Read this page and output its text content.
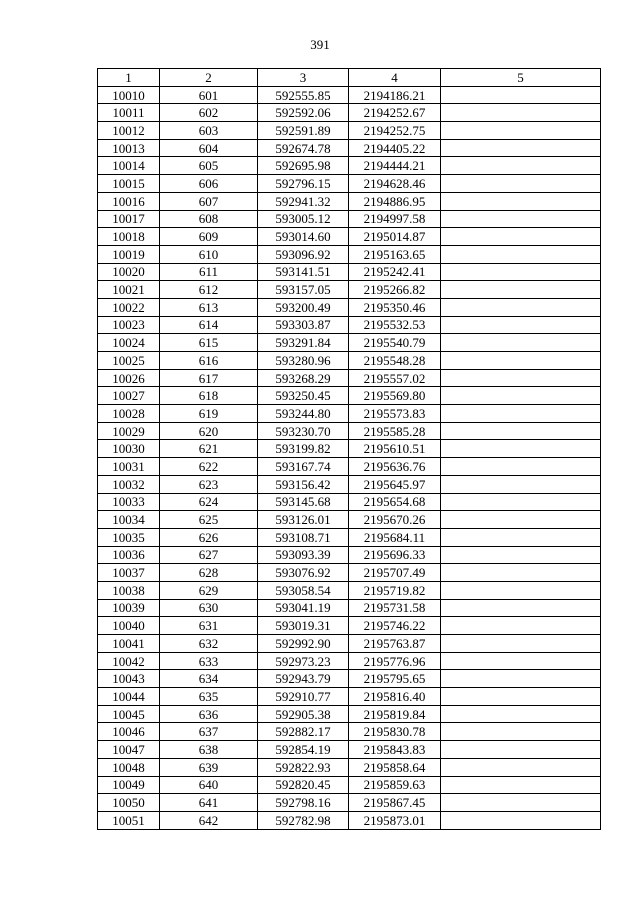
391
1	2	3	4	5
10010	601	592555.85	2194186.21	
10011	602	592592.06	2194252.67	
10012	603	592591.89	2194252.75	
10013	604	592674.78	2194405.22	
10014	605	592695.98	2194444.21	
10015	606	592796.15	2194628.46	
10016	607	592941.32	2194886.95	
10017	608	593005.12	2194997.58	
10018	609	593014.60	2195014.87	
10019	610	593096.92	2195163.65	
10020	611	593141.51	2195242.41	
10021	612	593157.05	2195266.82	
10022	613	593200.49	2195350.46	
10023	614	593303.87	2195532.53	
10024	615	593291.84	2195540.79	
10025	616	593280.96	2195548.28	
10026	617	593268.29	2195557.02	
10027	618	593250.45	2195569.80	
10028	619	593244.80	2195573.83	
10029	620	593230.70	2195585.28	
10030	621	593199.82	2195610.51	
10031	622	593167.74	2195636.76	
10032	623	593156.42	2195645.97	
10033	624	593145.68	2195654.68	
10034	625	593126.01	2195670.26	
10035	626	593108.71	2195684.11	
10036	627	593093.39	2195696.33	
10037	628	593076.92	2195707.49	
10038	629	593058.54	2195719.82	
10039	630	593041.19	2195731.58	
10040	631	593019.31	2195746.22	
10041	632	592992.90	2195763.87	
10042	633	592973.23	2195776.96	
10043	634	592943.79	2195795.65	
10044	635	592910.77	2195816.40	
10045	636	592905.38	2195819.84	
10046	637	592882.17	2195830.78	
10047	638	592854.19	2195843.83	
10048	639	592822.93	2195858.64	
10049	640	592820.45	2195859.63	
10050	641	592798.16	2195867.45	
10051	642	592782.98	2195873.01	
